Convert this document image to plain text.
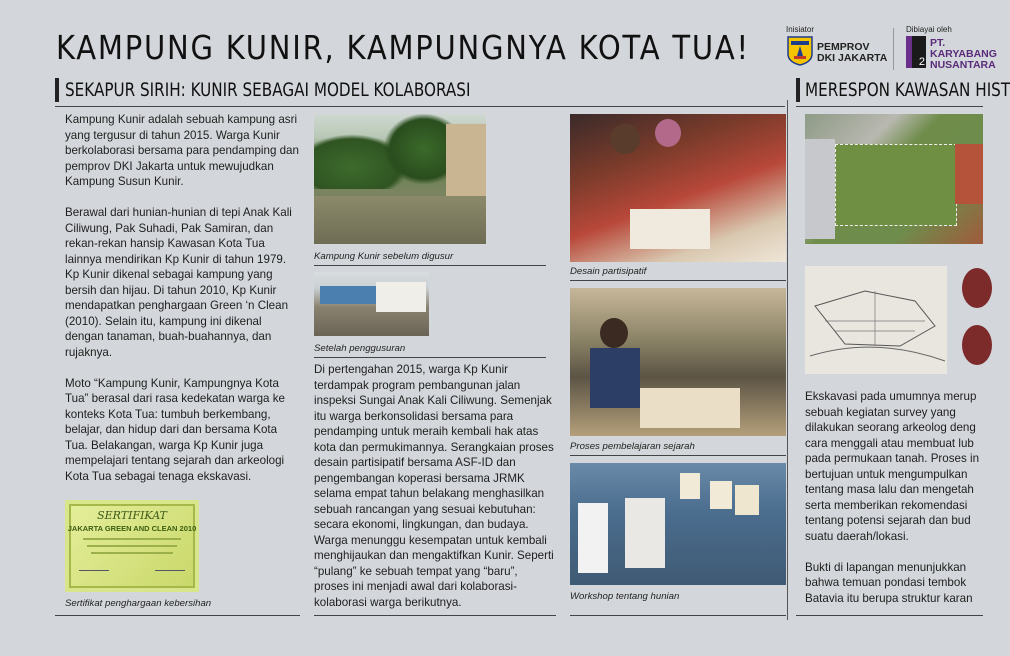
KAMPUNG KUNIR, KAMPUNGNYA KOTA TUA!	Inisiator
PEMPROV
DKI JAKARTA
Dibiayai oleh
2
PT.
KARYABANG
NUSANTARA
SEKAPUR SIRIH: KUNIR SEBAGAI MODEL KOLABORASI	MERESPON KAWASAN HIST

Kampung Kunir adalah sebuah kampung asri yang tergusur di tahun 2015. Warga Kunir berkolaborasi bersama para pendamping dan pemprov DKI Jakarta untuk mewujudkan Kampung Susun Kunir.

Berawal dari hunian-hunian di tepi Anak Kali Ciliwung, Pak Suhadi, Pak Samiran, dan rekan-rekan hansip Kawasan Kota Tua lainnya mendirikan Kp Kunir di tahun 1979. Kp Kunir dikenal sebagai kampung yang bersih dan hijau. Di tahun 2010, Kp Kunir mendapatkan penghargaan Green ‘n Clean (2010). Selain itu, kampung ini dikenal dengan tanaman, buah-buahannya, dan rujaknya.

Moto “Kampung Kunir, Kampungnya Kota Tua” berasal dari rasa kedekatan warga ke konteks Kota Tua: tumbuh berkembang, belajar, dan hidup dari dan bersama Kota Tua. Belakangan, warga Kp Kunir juga mempelajari tentang sejarah dan arkeologi Kota Tua sebagai tenaga ekskavasi.

SERTIFIKAT
JAKARTA GREEN AND CLEAN 2010
Sertifikat penghargaan kebersihan
Kampung Kunir sebelum digusur
Setelah penggusuran

Di pertengahan 2015, warga Kp Kunir terdampak program pembangunan jalan inspeksi Sungai Anak Kali Ciliwung. Semenjak itu warga berkonsolidasi bersama para pendamping untuk meraih kembali hak atas kota dan permukimannya. Serangkaian proses desain partisipatif bersama ASF-ID dan pengembangan koperasi bersama JRMK selama empat tahun belakang menghasilkan sebuah rancangan yang sesuai kebutuhan: secara ekonomi, lingkungan, dan budaya. Warga menunggu kesempatan untuk kembali menghijaukan dan mengaktifkan Kunir. Seperti “pulang” ke sebuah tempat yang “baru”, proses ini menjadi awal dari kolaborasi-kolaborasi warga berikutnya.

Desain partisipatif
Proses pembelajaran sejarah
Workshop tentang hunian

Ekskavasi pada umumnya merup sebuah kegiatan survey yang dilakukan seorang arkeolog deng cara menggali atau membuat lub pada permukaan tanah. Proses in bertujuan untuk mengumpulkan tentang masa lalu dan mengetah serta memberikan rekomendasi tentang potensi sejarah dan bud suatu daerah/lokasi.

Bukti di lapangan menunjukkan bahwa temuan pondasi tembok Batavia itu berupa struktur karan
